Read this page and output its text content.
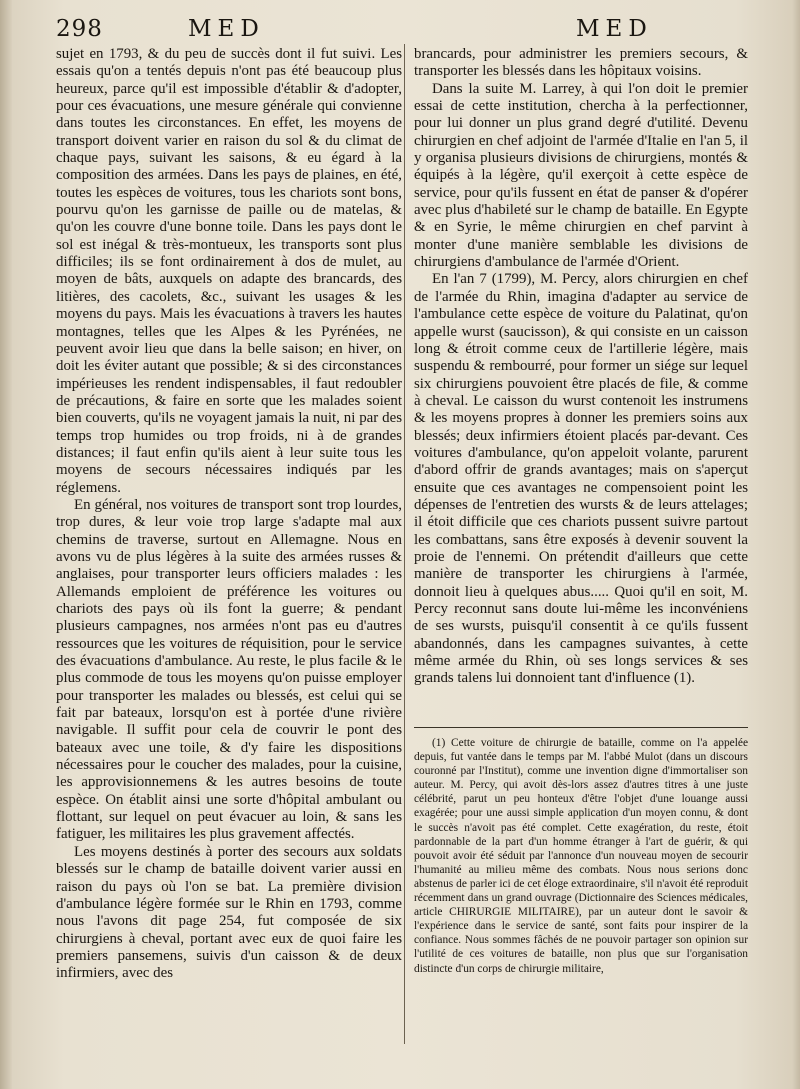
298	MED	MED

sujet en 1793, & du peu de succès dont il fut suivi. Les essais qu'on a tentés depuis n'ont pas été beaucoup plus heureux, parce qu'il est impossible d'établir & d'adopter, pour ces évacuations, une mesure générale qui convienne dans toutes les circonstances. En effet, les moyens de transport doivent varier en raison du sol & du climat de chaque pays, suivant les saisons, & eu égard à la composition des armées. Dans les pays de plaines, en été, toutes les espèces de voitures, tous les chariots sont bons, pourvu qu'on les garnisse de paille ou de matelas, & qu'on les couvre d'une bonne toile. Dans les pays dont le sol est inégal & très-montueux, les transports sont plus difficiles; ils se font ordinairement à dos de mulet, au moyen de bâts, auxquels on adapte des brancards, des litières, des cacolets, &c., suivant les usages & les moyens du pays. Mais les évacuations à travers les hautes montagnes, telles que les Alpes & les Pyrénées, ne peuvent avoir lieu que dans la belle saison; en hiver, on doit les éviter autant que possible; & si des circonstances impérieuses les rendent indispensables, il faut redoubler de précautions, & faire en sorte que les malades soient bien couverts, qu'ils ne voyagent jamais la nuit, ni par des temps trop humides ou trop froids, ni à de grandes distances; il faut enfin qu'ils aient à leur suite tous les moyens de secours nécessaires indiqués par les réglemens.

En général, nos voitures de transport sont trop lourdes, trop dures, & leur voie trop large s'adapte mal aux chemins de traverse, surtout en Allemagne. Nous en avons vu de plus légères à la suite des armées russes & anglaises, pour transporter leurs officiers malades : les Allemands emploient de préférence les voitures ou chariots des pays où ils font la guerre; & pendant plusieurs campagnes, nos armées n'ont pas eu d'autres ressources que les voitures de réquisition, pour le service des évacuations d'ambulance. Au reste, le plus facile & le plus commode de tous les moyens qu'on puisse employer pour transporter les malades ou blessés, est celui qui se fait par bateaux, lorsqu'on est à portée d'une rivière navigable. Il suffit pour cela de couvrir le pont des bateaux avec une toile, & d'y faire les dispositions nécessaires pour le coucher des malades, pour la cuisine, les approvisionnemens & les autres besoins de toute espèce. On établit ainsi une sorte d'hôpital ambulant ou flottant, sur lequel on peut évacuer au loin, & sans les fatiguer, les militaires les plus gravement affectés.

Les moyens destinés à porter des secours aux soldats blessés sur le champ de bataille doivent varier aussi en raison du pays où l'on se bat. La première division d'ambulance légère formée sur le Rhin en 1793, comme nous l'avons dit page 254, fut composée de six chirurgiens à cheval, portant avec eux de quoi faire les premiers pansemens, suivis d'un caisson & de deux infirmiers, avec des

brancards, pour administrer les premiers secours, & transporter les blessés dans les hôpitaux voisins.

Dans la suite M. Larrey, à qui l'on doit le premier essai de cette institution, chercha à la perfectionner, pour lui donner un plus grand degré d'utilité. Devenu chirurgien en chef adjoint de l'armée d'Italie en l'an 5, il y organisa plusieurs divisions de chirurgiens, montés & équipés à la légère, qu'il exerçoit à cette espèce de service, pour qu'ils fussent en état de panser & d'opérer avec plus d'habileté sur le champ de bataille. En Egypte & en Syrie, le même chirurgien en chef parvint à monter d'une manière semblable les divisions de chirurgiens d'ambulance de l'armée d'Orient.

En l'an 7 (1799), M. Percy, alors chirurgien en chef de l'armée du Rhin, imagina d'adapter au service de l'ambulance cette espèce de voiture du Palatinat, qu'on appelle wurst (saucisson), & qui consiste en un caisson long & étroit comme ceux de l'artillerie légère, mais suspendu & rembourré, pour former un siége sur lequel six chirurgiens pouvoient être placés de file, & comme à cheval. Le caisson du wurst contenoit les instrumens & les moyens propres à donner les premiers soins aux blessés; deux infirmiers étoient placés par-devant. Ces voitures d'ambulance, qu'on appeloit volante, parurent d'abord offrir de grands avantages; mais on s'aperçut ensuite que ces avantages ne compensoient point les dépenses de l'entretien des wursts & de leurs attelages; il étoit difficile que ces chariots pussent suivre partout les combattans, sans être exposés à devenir souvent la proie de l'ennemi. On prétendit d'ailleurs que cette manière de transporter les chirurgiens à l'armée, donnoit lieu à quelques abus..... Quoi qu'il en soit, M. Percy reconnut sans doute lui-même les inconvéniens de ses wursts, puisqu'il consentit à ce qu'ils fussent abandonnés, dans les campagnes suivantes, à cette même armée du Rhin, où ses longs services & ses grands talens lui donnoient tant d'influence (1).

(1) Cette voiture de chirurgie de bataille, comme on l'a appelée depuis, fut vantée dans le temps par M. l'abbé Mulot (dans un discours couronné par l'Institut), comme une invention digne d'immortaliser son auteur. M. Percy, qui avoit dès-lors assez d'autres titres à une juste célébrité, parut un peu honteux d'être l'objet d'une louange aussi exagérée; pour une aussi simple application d'un moyen connu, & dont le succès n'avoit pas été complet. Cette exagération, du reste, étoit pardonnable de la part d'un homme étranger à l'art de guérir, & qui pouvoit avoir été séduit par l'annonce d'un nouveau moyen de secourir l'humanité au milieu même des combats. Nous nous serions donc abstenus de parler ici de cet éloge extraordinaire, s'il n'avoit été reproduit récemment dans un grand ouvrage (Dictionnaire des Sciences médicales, article CHIRURGIE MILITAIRE), par un auteur dont le savoir & l'expérience dans le service de santé, sont faits pour inspirer de la confiance. Nous sommes fâchés de ne pouvoir partager son opinion sur l'utilité de ces voitures de bataille, non plus que sur l'organisation distincte d'un corps de chirurgie militaire,
